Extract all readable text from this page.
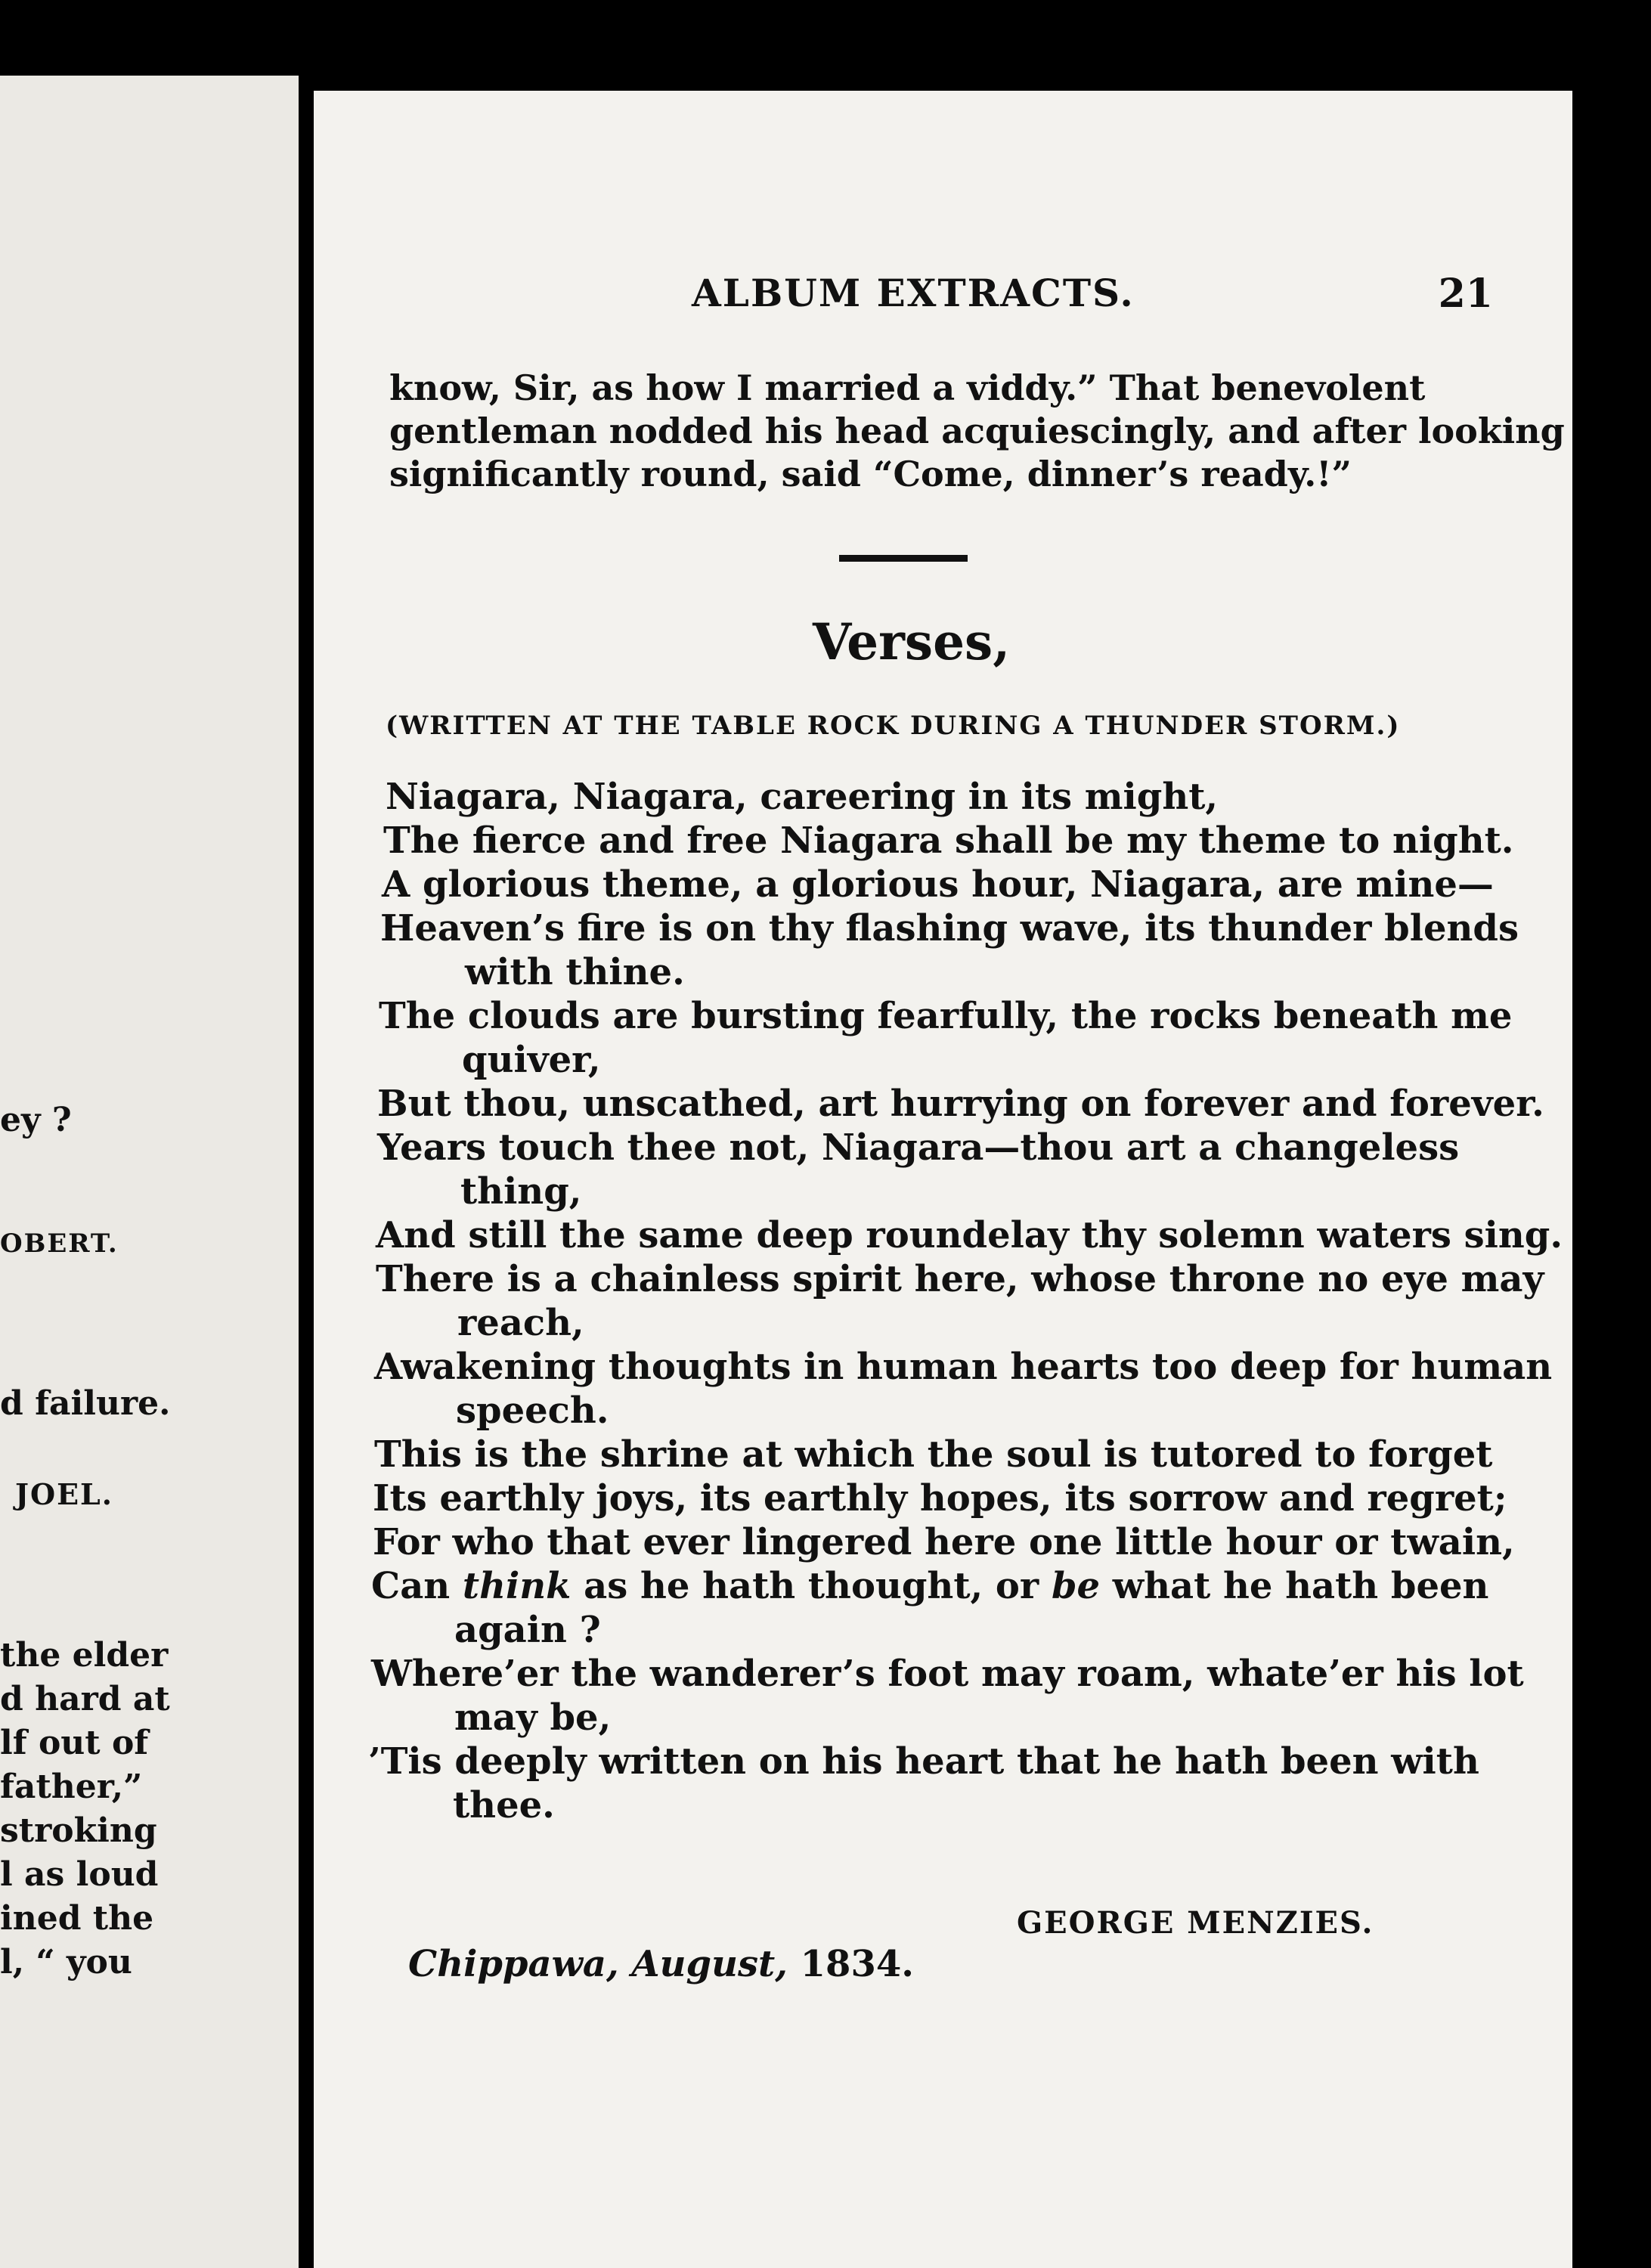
ey ?
OBERT.
d failure.
JOEL.
the elder
d hard at
lf out of
father,”
stroking
l as loud
ined the
l, “ you
ALBUM EXTRACTS.	21
know, Sir, as how I married a viddy.” That benevolent
gentleman nodded his head acquiescingly, and after looking
significantly round, said “Come, dinner’s ready.!”
Verses,
(WRITTEN AT THE TABLE ROCK DURING A THUNDER STORM.)
Niagara, Niagara, careering in its might,
The fierce and free Niagara shall be my theme to night.
A glorious theme, a glorious hour, Niagara, are mine—
Heaven’s fire is on thy flashing wave, its thunder blends
with thine.
The clouds are bursting fearfully, the rocks beneath me
quiver,
But thou, unscathed, art hurrying on forever and forever.
Years touch thee not, Niagara—thou art a changeless
thing,
And still the same deep roundelay thy solemn waters sing.
There is a chainless spirit here, whose throne no eye may
reach,
Awakening thoughts in human hearts too deep for human
speech.
This is the shrine at which the soul is tutored to forget
Its earthly joys, its earthly hopes, its sorrow and regret;
For who that ever lingered here one little hour or twain,
Can think as he hath thought, or be what he hath been
again ?
Where’er the wanderer’s foot may roam, whate’er his lot
may be,
’Tis deeply written on his heart that he hath been with
thee.
GEORGE MENZIES.
Chippawa, August, 1834.
